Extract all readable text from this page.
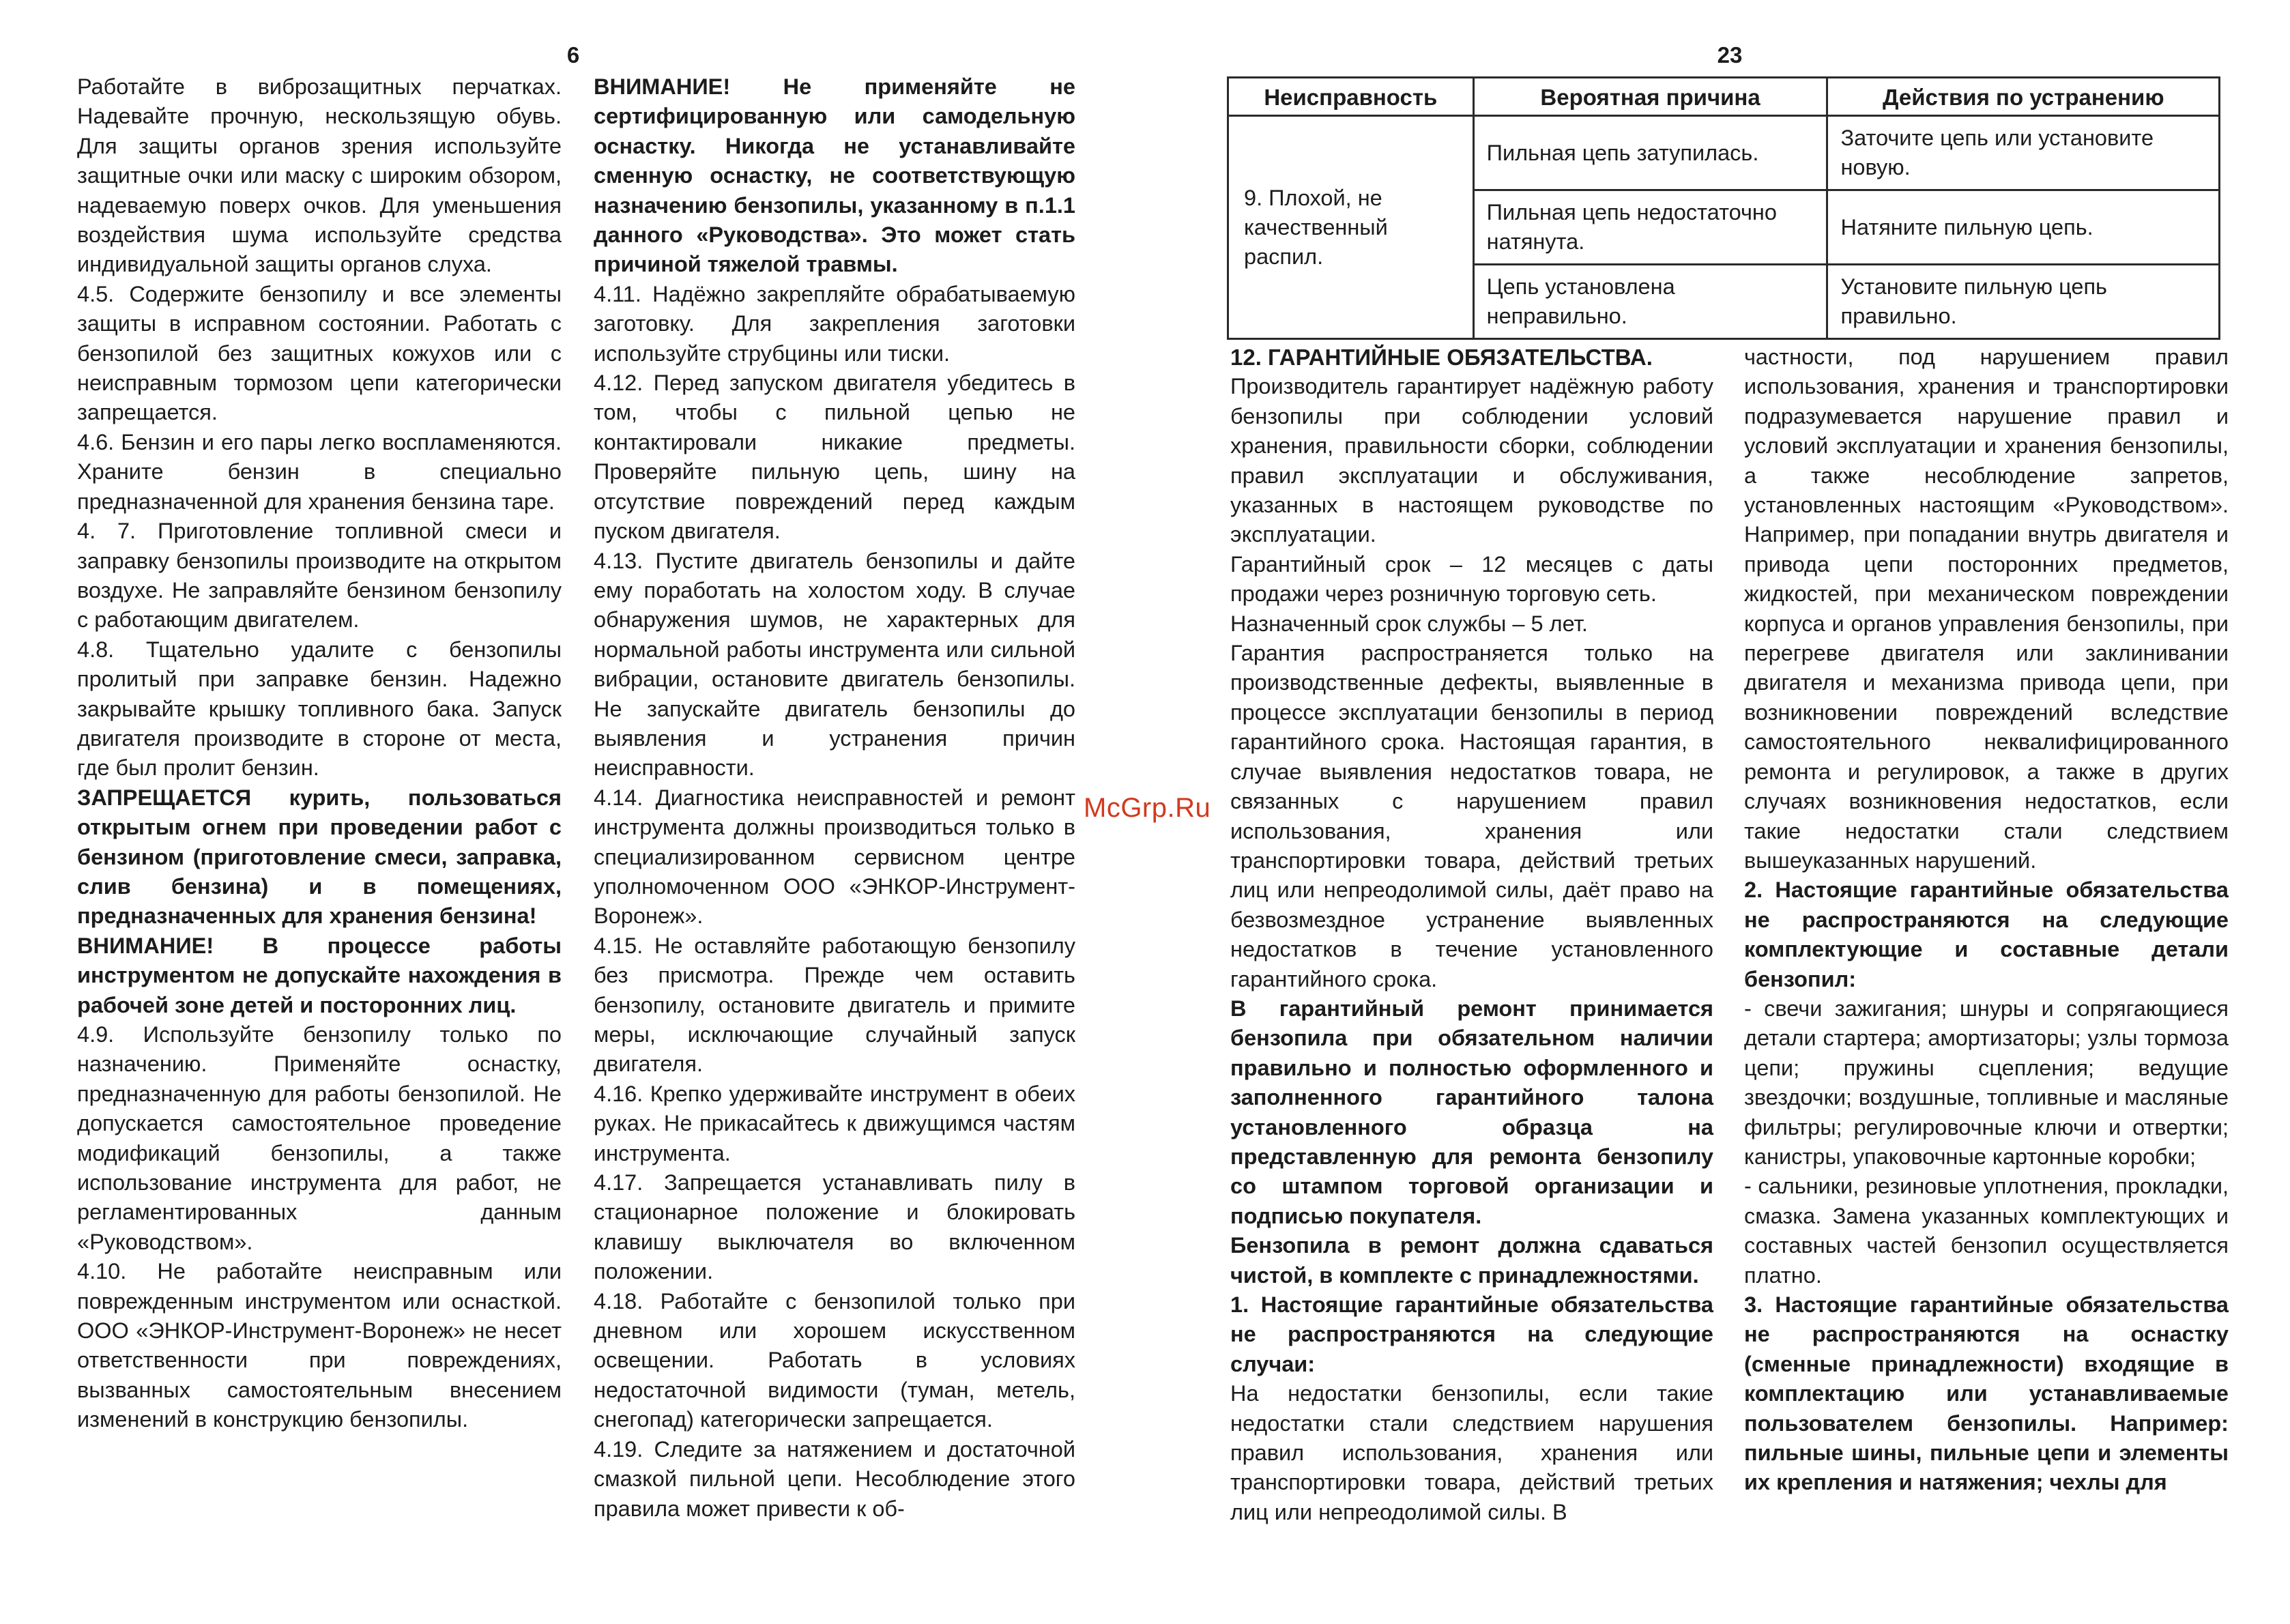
6

Работайте в виброзащитных перчатках. Надевайте прочную, нескользящую обувь. Для защиты органов зрения используйте защитные очки или маску с широким обзором, надеваемую поверх очков. Для уменьшения воздействия шума используйте средства индивидуальной защиты органов слуха.

4.5. Содержите бензопилу и все элементы защиты в исправном состоянии. Работать с бензопилой без защитных кожухов или с неисправным тормозом цепи категорически запрещается.

4.6. Бензин и его пары легко воспламеняются. Храните бензин в специально предназначенной для хранения бензина таре.

4. 7. Приготовление топливной смеси и заправку бензопилы производите на открытом воздухе. Не заправляйте бензином бензопилу с работающим двигателем.

4.8. Тщательно удалите с бензопилы пролитый при заправке бензин. Надежно закрывайте крышку топливного бака. Запуск двигателя производите в стороне от места, где был пролит бензин.

ЗАПРЕЩАЕТСЯ курить, пользоваться открытым огнем при проведении работ с бензином (приготовление смеси, заправка, слив бензина) и в помещениях, предназначенных для хранения бензина!

ВНИМАНИЕ! В процессе работы инструментом не допускайте нахождения в рабочей зоне детей и посторонних лиц.

4.9. Используйте бензопилу только по назначению. Применяйте оснастку, предназначенную для работы бензопилой. Не допускается самостоятельное проведение модификаций бензопилы, а также использование инструмента для работ, не регламентированных данным «Руководством».

4.10. Не работайте неисправным или поврежденным инструментом или оснасткой. ООО «ЭНКОР-Инструмент-Воронеж» не несет ответственности при повреждениях, вызванных самостоятельным внесением изменений в конструкцию бензопилы.

ВНИМАНИЕ! Не применяйте не сертифицированную или самодельную оснастку. Никогда не устанавливайте сменную оснастку, не соответствующую назначению бензопилы, указанному в п.1.1 данного «Руководства». Это может стать причиной тяжелой травмы.

4.11. Надёжно закрепляйте обрабатываемую заготовку. Для закрепления заготовки используйте струбцины или тиски.

4.12. Перед запуском двигателя убедитесь в том, чтобы с пильной цепью не контактировали никакие предметы. Проверяйте пильную цепь, шину на отсутствие повреждений перед каждым пуском двигателя.

4.13. Пустите двигатель бензопилы и дайте ему поработать на холостом ходу. В случае обнаружения шумов, не характерных для нормальной работы инструмента или сильной вибрации, остановите двигатель бензопилы. Не запускайте двигатель бензопилы до выявления и устранения причин неисправности.

4.14. Диагностика неисправностей и ремонт инструмента должны производиться только в специализированном сервисном центре уполномоченном ООО «ЭНКОР-Инструмент-Воронеж».

4.15. Не оставляйте работающую бензопилу без присмотра. Прежде чем оставить бензопилу, остановите двигатель и примите меры, исключающие случайный запуск двигателя.

4.16. Крепко удерживайте инструмент в обеих руках. Не прикасайтесь к движущимся частям инструмента.

4.17. Запрещается устанавливать пилу в стационарное положение и блокировать клавишу выключателя во включенном положении.

4.18. Работайте с бензопилой только при дневном или хорошем искусственном освещении. Работать в условиях недостаточной видимости (туман, метель, снегопад) категорически запрещается.

4.19. Следите за натяжением и достаточной смазкой пильной цепи. Несоблюдение этого правила может привести к об-

McGrp.Ru
23
Неисправность	Вероятная причина	Действия по устранению
9. Плохой, не качественный распил.	Пильная цепь затупилась.	Заточите цепь или установите новую.
	Пильная цепь недостаточно натянута.	Натяните пильную цепь.
	Цепь установлена неправильно.	Установите пильную цепь правильно.

12. ГАРАНТИЙНЫЕ ОБЯЗАТЕЛЬСТВА.

Производитель гарантирует надёжную работу бензопилы при соблюдении условий хранения, правильности сборки, соблюдении правил эксплуатации и обслуживания, указанных в настоящем руководстве по эксплуатации.

Гарантийный срок – 12 месяцев с даты продажи через розничную торговую сеть.

Назначенный срок службы – 5 лет.

Гарантия распространяется только на производственные дефекты, выявленные в процессе эксплуатации бензопилы в период гарантийного срока. Настоящая гарантия, в случае выявления недостатков товара, не связанных с нарушением правил использования, хранения или транспортировки товара, действий третьих лиц или непреодолимой силы, даёт право на безвозмездное устранение выявленных недостатков в течение установленного гарантийного срока.

В гарантийный ремонт принимается бензопила при обязательном наличии правильно и полностью оформленного и заполненного гарантийного талона установленного образца на представленную для ремонта бензопилу со штампом торговой организации и подписью покупателя.

Бензопила в ремонт должна сдаваться чистой, в комплекте с принадлежностями.

1. Настоящие гарантийные обязательства не распространяются на следующие случаи:

На недостатки бензопилы, если такие недостатки стали следствием нарушения правил использования, хранения или транспортировки товара, действий третьих лиц или непреодолимой силы. В

частности, под нарушением правил использования, хранения и транспортировки подразумевается нарушение правил и условий эксплуатации и хранения бензопилы, а также несоблюдение запретов, установленных настоящим «Руководством». Например, при попадании внутрь двигателя и привода цепи посторонних предметов, жидкостей, при механическом повреждении корпуса и органов управления бензопилы, при перегреве двигателя или заклинивании двигателя и механизма привода цепи, при возникновении повреждений вследствие самостоятельного неквалифицированного ремонта и регулировок, а также в других случаях возникновения недостатков, если такие недостатки стали следствием вышеуказанных нарушений.

2. Настоящие гарантийные обязательства не распространяются на следующие комплектующие и составные детали бензопил:

- свечи зажигания; шнуры и сопрягающиеся детали стартера; амортизаторы; узлы тормоза цепи; пружины сцепления; ведущие звездочки; воздушные, топливные и масляные фильтры; регулировочные ключи и отвертки; канистры, упаковочные картонные коробки;

- сальники, резиновые уплотнения, прокладки, смазка. Замена указанных комплектующих и составных частей бензопил осуществляется платно.

3. Настоящие гарантийные обязательства не распространяются на оснастку (сменные принадлежности) входящие в комплектацию или устанавливаемые пользователем бензопилы. Например: пильные шины, пильные цепи и элементы их крепления и натяжения; чехлы для
